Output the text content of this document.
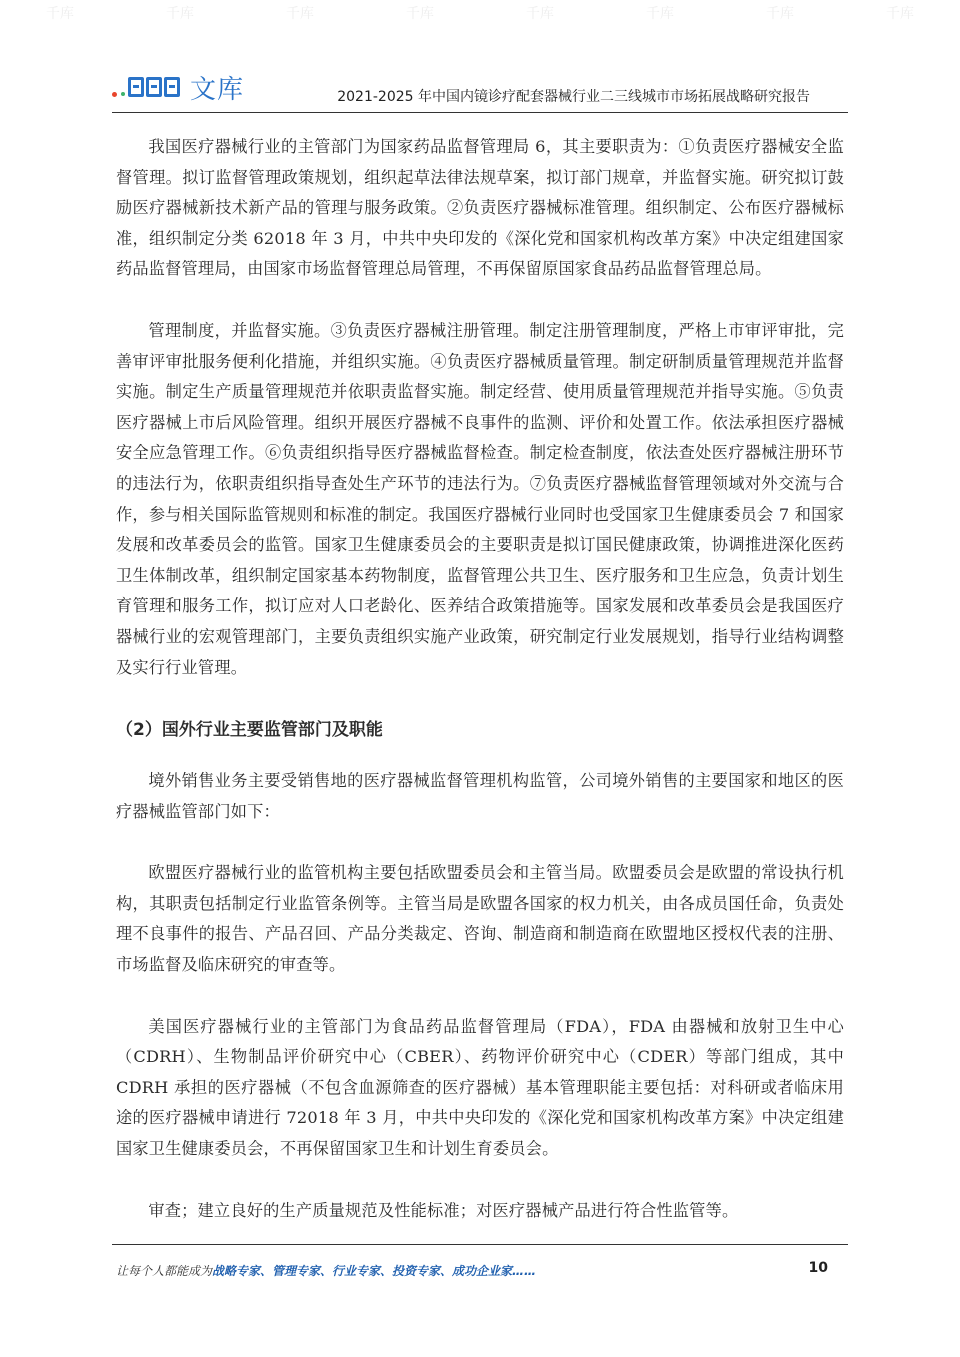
千库	千库	千库	千库	千库	千库	千库	千库
文库	2021-2025 年中国内镜诊疗配套器械行业二三线城市市场拓展战略研究报告

我国医疗器械行业的主管部门为国家药品监督管理局 6，其主要职责为：①负责医疗器械安全监督管理。拟订监督管理政策规划，组织起草法律法规草案，拟订部门规章，并监督实施。研究拟订鼓励医疗器械新技术新产品的管理与服务政策。②负责医疗器械标准管理。组织制定、公布医疗器械标准，组织制定分类 62018 年 3 月，中共中央印发的《深化党和国家机构改革方案》中决定组建国家药品监督管理局，由国家市场监督管理总局管理，不再保留原国家食品药品监督管理总局。

管理制度，并监督实施。③负责医疗器械注册管理。制定注册管理制度，严格上市审评审批，完善审评审批服务便利化措施，并组织实施。④负责医疗器械质量管理。制定研制质量管理规范并监督实施。制定生产质量管理规范并依职责监督实施。制定经营、使用质量管理规范并指导实施。⑤负责医疗器械上市后风险管理。组织开展医疗器械不良事件的监测、评价和处置工作。依法承担医疗器械安全应急管理工作。⑥负责组织指导医疗器械监督检查。制定检查制度，依法查处医疗器械注册环节的违法行为，依职责组织指导查处生产环节的违法行为。⑦负责医疗器械监督管理领域对外交流与合作，参与相关国际监管规则和标准的制定。我国医疗器械行业同时也受国家卫生健康委员会 7 和国家发展和改革委员会的监管。国家卫生健康委员会的主要职责是拟订国民健康政策，协调推进深化医药卫生体制改革，组织制定国家基本药物制度，监督管理公共卫生、医疗服务和卫生应急，负责计划生育管理和服务工作，拟订应对人口老龄化、医养结合政策措施等。国家发展和改革委员会是我国医疗器械行业的宏观管理部门，主要负责组织实施产业政策，研究制定行业发展规划，指导行业结构调整及实行行业管理。

（2）国外行业主要监管部门及职能

境外销售业务主要受销售地的医疗器械监督管理机构监管，公司境外销售的主要国家和地区的医疗器械监管部门如下：

欧盟医疗器械行业的监管机构主要包括欧盟委员会和主管当局。欧盟委员会是欧盟的常设执行机构，其职责包括制定行业监管条例等。主管当局是欧盟各国家的权力机关，由各成员国任命，负责处理不良事件的报告、产品召回、产品分类裁定、咨询、制造商和制造商在欧盟地区授权代表的注册、市场监督及临床研究的审查等。

美国医疗器械行业的主管部门为食品药品监督管理局（FDA），FDA 由器械和放射卫生中心（CDRH）、生物制品评价研究中心（CBER）、药物评价研究中心（CDER）等部门组成，其中 CDRH 承担的医疗器械（不包含血源筛查的医疗器械）基本管理职能主要包括：对科研或者临床用途的医疗器械申请进行 72018 年 3 月，中共中央印发的《深化党和国家机构改革方案》中决定组建国家卫生健康委员会，不再保留国家卫生和计划生育委员会。

审查；建立良好的生产质量规范及性能标准；对医疗器械产品进行符合性监管等。

让每个人都能成为战略专家、管理专家、行业专家、投资专家、成功企业家……	10
